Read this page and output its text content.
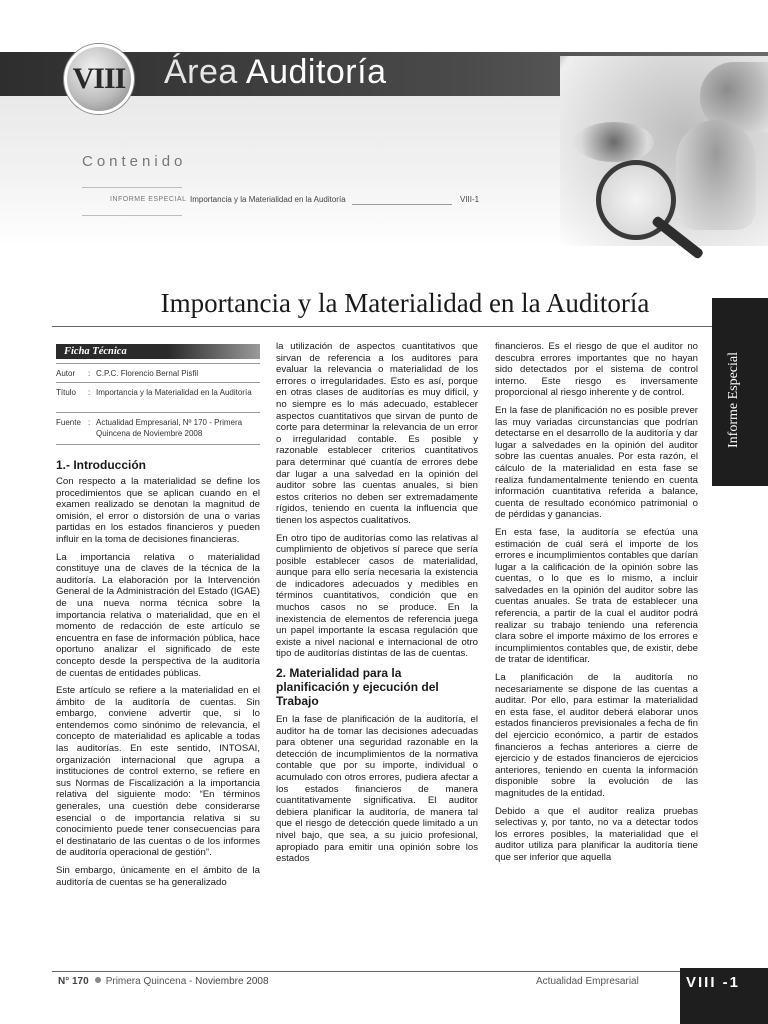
VIII Área Auditoría
Contenido
INFORME ESPECIAL Importancia y la Materialidad en la Auditoría	VIII-1
Importancia y la Materialidad en la Auditoría
Informe Especial
Ficha Técnica
Autor	: C.P.C. Florencio Bernal Pisfil
Título	: Importancia y la Materialidad en la Auditoría
Fuente : Actualidad Empresarial, Nº 170 - Primera Quincena de Noviembre 2008
1.- Introducción

Con respecto a la materialidad se define los procedimientos que se aplican cuando en el examen realizado se denotan la magnitud de omisión, el error o distorsión de una o varias partidas en los estados financieros y pueden influir en la toma de decisiones financieras.

La importancia relativa o materialidad constituye una de claves de la técnica de la auditoría. La elaboración por la Intervención General de la Administración del Estado (IGAE) de una nueva norma técnica sobre la importancia relativa o materialidad, que en el momento de redacción de este artículo se encuentra en fase de información pública, hace oportuno analizar el significado de este concepto desde la perspectiva de la auditoría de cuentas de entidades públicas.

Este artículo se refiere a la materialidad en el ámbito de la auditoría de cuentas. Sin embargo, conviene advertir que, si lo entendemos como sinónimo de relevancia, el concepto de materialidad es aplicable a todas las auditorías. En este sentido, INTOSAI, organización internacional que agrupa a instituciones de control externo, se refiere en sus Normas de Fiscalización a la importancia relativa del siguiente modo: “En términos generales, una cuestión debe considerarse esencial o de importancia relativa si su conocimiento puede tener consecuencias para el destinatario de las cuentas o de los informes de auditoría operacional de gestión”.

Sin embargo, únicamente en el ámbito de la auditoría de cuentas se ha generalizado

la utilización de aspectos cuantitativos que sirvan de referencia a los auditores para evaluar la relevancia o materialidad de los errores o irregularidades. Esto es así, porque en otras clases de auditorías es muy difícil, y no siempre es lo más adecuado, establecer aspectos cuantitativos que sirvan de punto de corte para determinar la relevancia de un error o irregularidad contable. Es posible y razonable establecer criterios cuantitativos para determinar qué cuantía de errores debe dar lugar a una salvedad en la opinión del auditor sobre las cuentas anuales, si bien estos criterios no deben ser extremadamente rígidos, teniendo en cuenta la influencia que tienen los aspectos cualitativos.

En otro tipo de auditorías como las relativas al cumplimiento de objetivos sí parece que sería posible establecer casos de materialidad, aunque para ello sería necesaria la existencia de indicadores adecuados y medibles en términos cuantitativos, condición que en muchos casos no se produce. En la inexistencia de elementos de referencia juega un papel importante la escasa regulación que existe a nivel nacional e internacional de otro tipo de auditorías distintas de las de cuentas.

2. Materialidad para la planificación y ejecución del Trabajo

En la fase de planificación de la auditoría, el auditor ha de tomar las decisiones adecuadas para obtener una seguridad razonable en la detección de incumplimientos de la normativa contable que por su importe, individual o acumulado con otros errores, pudiera afectar a los estados financieros de manera cuantitativamente significativa. El auditor debiera planificar la auditoría, de manera tal que el riesgo de detección quede limitado a un nivel bajo, que sea, a su juicio profesional, apropiado para emitir una opinión sobre los estados

financieros. Es el riesgo de que el auditor no descubra errores importantes que no hayan sido detectados por el sistema de control interno. Este riesgo es inversamente proporcional al riesgo inherente y de control.

En la fase de planificación no es posible prever las muy variadas circunstancias que podrían detectarse en el desarrollo de la auditoría y dar lugar a salvedades en la opinión del auditor sobre las cuentas anuales. Por esta razón, el cálculo de la materialidad en esta fase se realiza fundamentalmente teniendo en cuenta información cuantitativa referida a balance, cuenta de resultado económico patrimonial o de pérdidas y ganancias.

En esta fase, la auditoría se efectúa una estimación de cuál será el importe de los errores e incumplimientos contables que darían lugar a la calificación de la opinión sobre las cuentas, o lo que es lo mismo, a incluir salvedades en la opinión del auditor sobre las cuentas anuales. Se trata de establecer una referencia, a partir de la cual el auditor podrá realizar su trabajo teniendo una referencia clara sobre el importe máximo de los errores e incumplimientos contables que, de existir, debe de tratar de identificar.

La planificación de la auditoría no necesariamente se dispone de las cuentas a auditar. Por ello, para estimar la materialidad en esta fase, el auditor deberá elaborar unos estados financieros previsionales a fecha de fin del ejercicio económico, a partir de estados financieros a fechas anteriores a cierre de ejercicio y de estados financieros de ejercicios anteriores, teniendo en cuenta la información disponible sobre la evolución de las magnitudes de la entidad.

Debido a que el auditor realiza pruebas selectivas y, por tanto, no va a detectar todos los errores posibles, la materialidad que el auditor utiliza para planificar la auditoría tiene que ser inferior que aquella

N° 170 Primera Quincena - Noviembre 2008	Actualidad Empresarial	VIII -1
